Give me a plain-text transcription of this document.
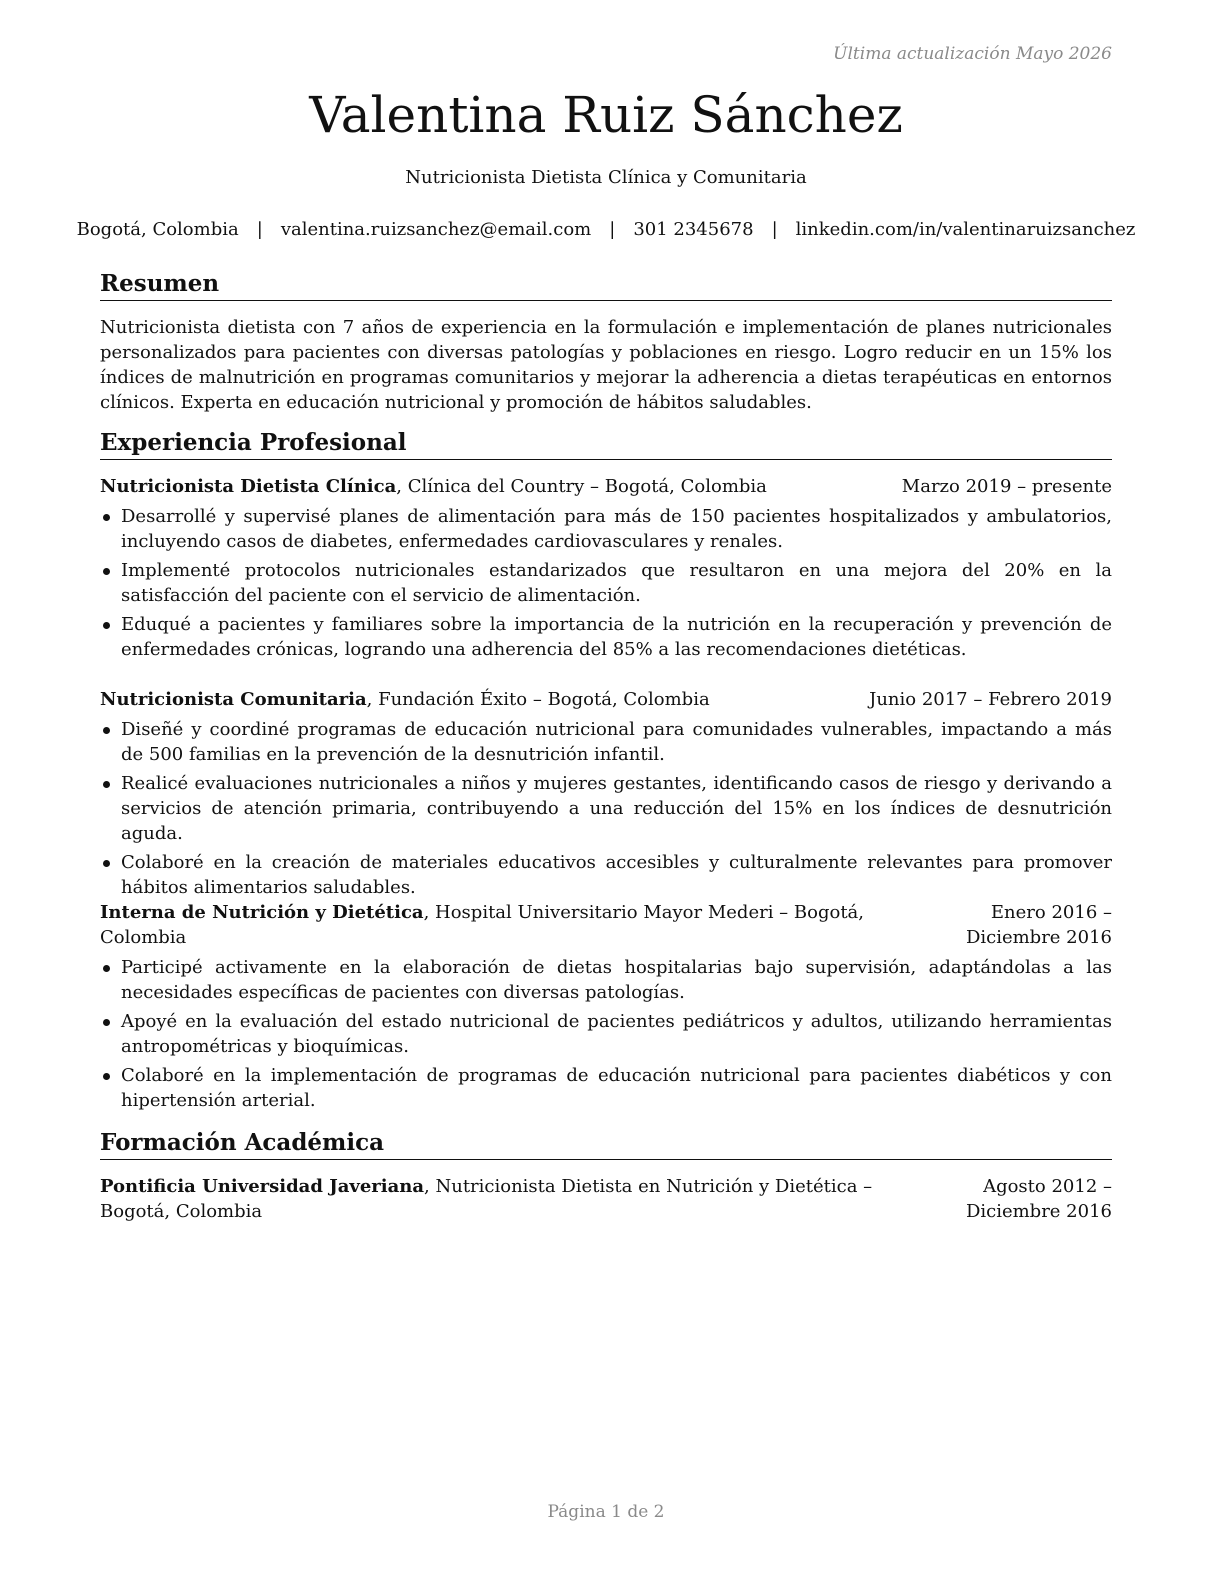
Última actualización Mayo 2026
Valentina Ruiz Sánchez
Nutricionista Dietista Clínica y Comunitaria
Bogotá, Colombia | valentina.ruizsanchez@email.com | 301 2345678 | linkedin.com/in/valentinaruizsanchez
Resumen
Nutricionista dietista con 7 años de experiencia en la formulación e implementación de planes nutricionales personalizados para pacientes con diversas patologías y poblaciones en riesgo. Logro reducir en un 15% los índices de malnutrición en programas comunitarios y mejorar la adherencia a dietas terapéuticas en entornos clínicos. Experta en educación nutricional y promoción de hábitos saludables.
Experiencia Profesional
Nutricionista Dietista Clínica, Clínica del Country – Bogotá, Colombia	Marzo 2019 – presente
Desarrollé y supervisé planes de alimentación para más de 150 pacientes hospitalizados y ambulatorios, incluyendo casos de diabetes, enfermedades cardiovasculares y renales.
Implementé protocolos nutricionales estandarizados que resultaron en una mejora del 20% en la satisfacción del paciente con el servicio de alimentación.
Eduqué a pacientes y familiares sobre la importancia de la nutrición en la recuperación y prevención de enfermedades crónicas, logrando una adherencia del 85% a las recomendaciones dietéticas.
Nutricionista Comunitaria, Fundación Éxito – Bogotá, Colombia	Junio 2017 – Febrero 2019
Diseñé y coordiné programas de educación nutricional para comunidades vulnerables, impactando a más de 500 familias en la prevención de la desnutrición infantil.
Realicé evaluaciones nutricionales a niños y mujeres gestantes, identificando casos de riesgo y derivando a servicios de atención primaria, contribuyendo a una reducción del 15% en los índices de desnutrición aguda.
Colaboré en la creación de materiales educativos accesibles y culturalmente relevantes para promover hábitos alimentarios saludables.
Interna de Nutrición y Dietética, Hospital Universitario Mayor Mederi – Bogotá, Colombia
Enero 2016 – Diciembre 2016
Participé activamente en la elaboración de dietas hospitalarias bajo supervisión, adaptándolas a las necesidades específicas de pacientes con diversas patologías.
Apoyé en la evaluación del estado nutricional de pacientes pediátricos y adultos, utilizando herramientas antropométricas y bioquímicas.
Colaboré en la implementación de programas de educación nutricional para pacientes diabéticos y con hipertensión arterial.
Formación Académica
Pontificia Universidad Javeriana, Nutricionista Dietista en Nutrición y Dietética – Bogotá, Colombia
Agosto 2012 – Diciembre 2016
Página 1 de 2
